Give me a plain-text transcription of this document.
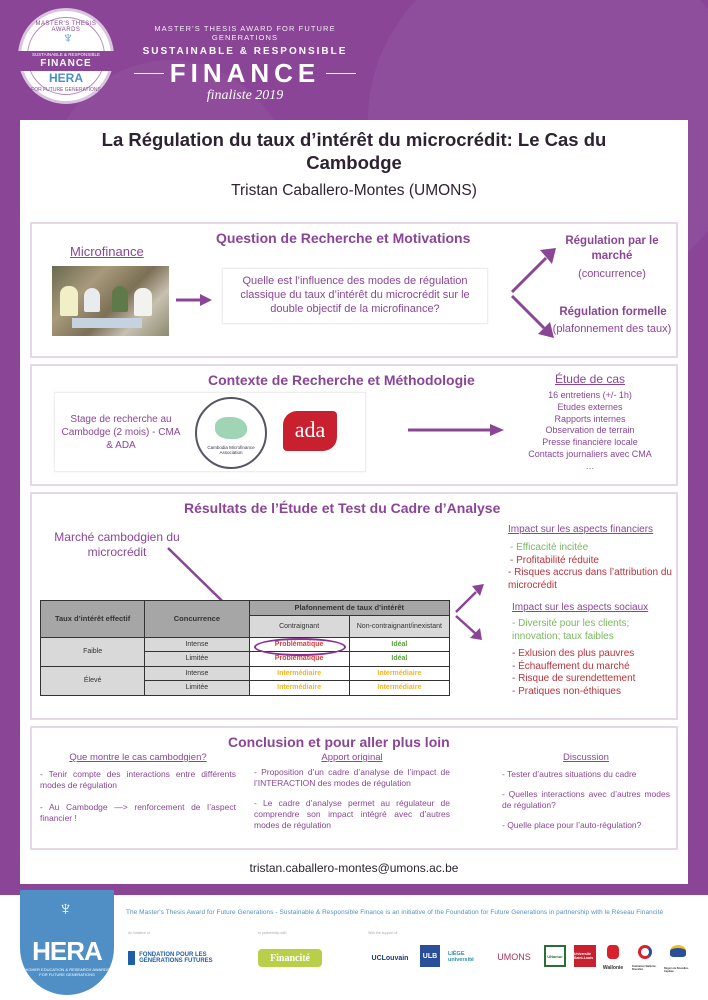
MASTER'S THESIS AWARDS
♆
SUSTAINABLE & RESPONSIBLE
FINANCE
HERA
FOR FUTURE GENERATIONS
MASTER'S THESIS AWARD FOR FUTURE GENERATIONS
SUSTAINABLE & RESPONSIBLE
FINANCE
finaliste 2019
La Régulation du taux d’intérêt du microcrédit: Le Cas du Cambodge
Tristan Caballero-Montes (UMONS)
Question de Recherche et Motivations
Microfinance
Quelle est l’influence des modes de régulation classique du taux d’intérêt du microcrédit sur le double objectif de la microfinance?
Régulation par le marché
(concurrence)
Régulation formelle
(plafonnement des taux)
Contexte de Recherche et Méthodologie
Stage de recherche au Cambodge (2 mois) - CMA & ADA	Cambodia Microfinance Association
ada
Étude de cas
16 entretiens (+/- 1h)
Etudes externes
Rapports internes
Observation de terrain
Presse financière locale
Contacts journaliers avec CMA
…
Résultats de l’Étude et Test du Cadre d’Analyse
Marché cambodgien du microcrédit
Taux d’intérêt effectif	Concurrence	Plafonnement de taux d’intérêt	
		Contraignant	Non-contraignant/inexistant
Faible	Intense	Problématique	Idéal
	Limitée	Problématique	Idéal
Élevé	Intense	Intermédiaire	Intermédiaire
	Limitée	Intermédiaire	Intermédiaire
Impact sur les aspects financiers
- Efficacité incitée
- Profitabilité réduite
- Risques accrus dans l’attribution du microcrédit
Impact sur les aspects sociaux
- Diversité pour les clients; innovation; taux faibles
- Exlusion des plus pauvres
- Échauffement du marché
- Risque de surendettement
- Pratiques non-éthiques
Conclusion et pour aller plus loin
Que montre le cas cambodgien?
- Tenir compte des interactions entre différents modes de régulation
- Au Cambodge —> renforcement de l’aspect financier !
Apport original
- Proposition d’un cadre d’analyse de l’impact de l’INTERACTION des modes de régulation
- Le cadre d’analyse permet au régulateur de comprendre son impact intégré avec d’autres modes de régulation
Discussion
- Tester d’autres situations du cadre
- Quelles interactions avec d’autres modes de régulation?
- Quelle place pour l’auto-régulation?
tristan.caballero-montes@umons.ac.be
♆
HERA
HIGHER EDUCATION & RESEARCH AWARDS FOR FUTURE GENERATIONS
The Master's Thesis Award for Future Generations - Sustainable & Responsible Finance is an initiative of the Foundation for Future Generations in partnership with le Réseau Financité
An initiative of	In partnership with	With the support of
FONDATION POUR LES GÉNÉRATIONS FUTURES	Financité	UCLouvain	ULB	LIÈGE université	UMONS	UNamur	Université Saint-Louis
Wallonie	Fédération Wallonie-Bruxelles	Région de Bruxelles-Capitale
